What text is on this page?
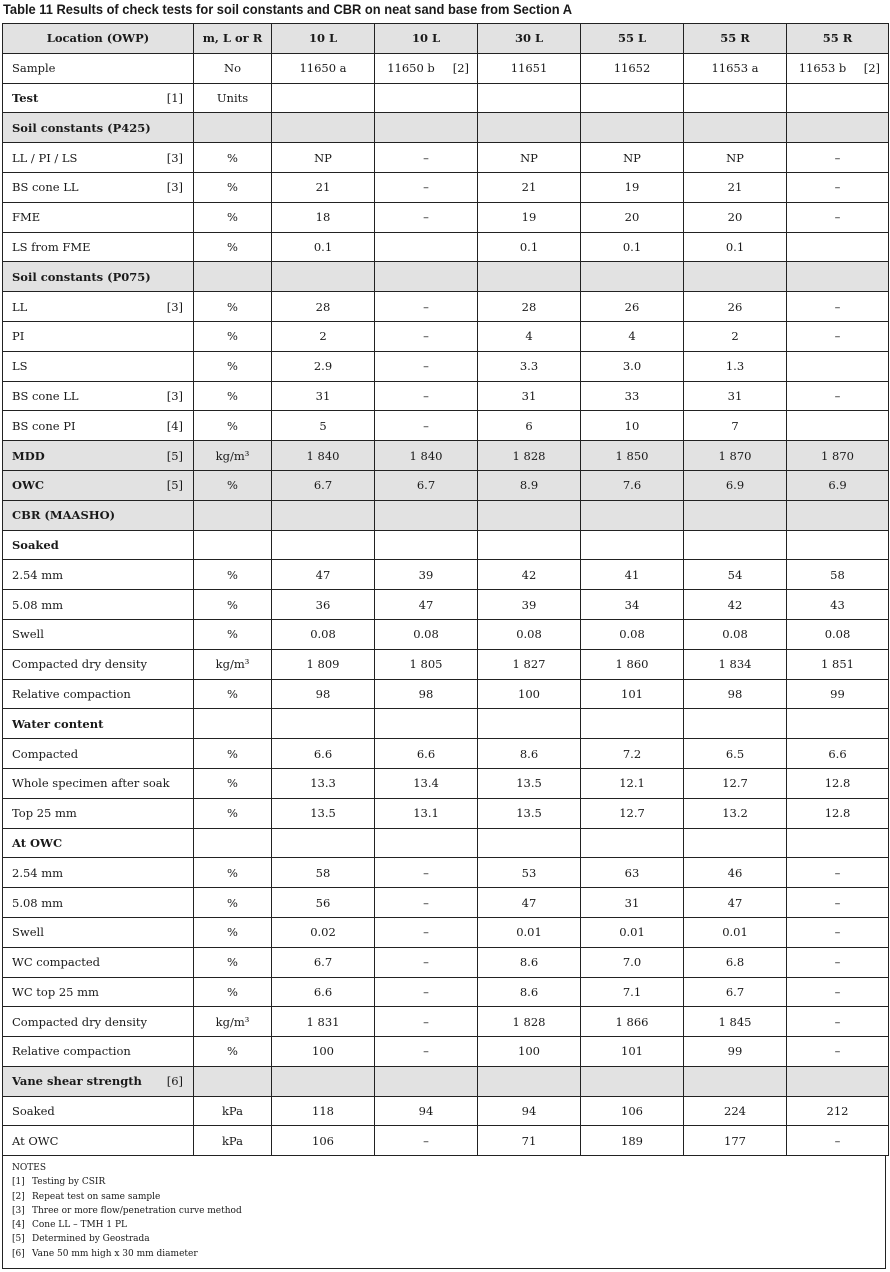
Table 11 Results of check tests for soil constants and CBR on neat sand base from Section A
Location (OWP)	m, L or R	10 L	10 L	30 L	55 L	55 R	55 R
Sample	No	11650 a	11650 b [2]	11651	11652	11653 a	11653 b [2]

Test [1]	Units						
Soil constants (P425)							
LL / PI / LS [3]	%	NP	–	NP	NP	NP	–
BS cone LL [3]	%	21	–	21	19	21	–
FME	%	18	–	19	20	20	–
LS from FME	%	0.1		0.1	0.1	0.1	
Soil constants (P075)							
LL [3]	%	28	–	28	26	26	–
PI	%	2	–	4	4	2	–
LS	%	2.9	–	3.3	3.0	1.3	
BS cone LL [3]	%	31	–	31	33	31	–
BS cone PI [4]	%	5	–	6	10	7	
MDD [5]	kg/m³	1 840	1 840	1 828	1 850	1 870	1 870
OWC [5]	%	6.7	6.7	8.9	7.6	6.9	6.9
CBR (MAASHO)							
Soaked							
2.54 mm	%	47	39	42	41	54	58
5.08 mm	%	36	47	39	34	42	43
Swell	%	0.08	0.08	0.08	0.08	0.08	0.08
Compacted dry density	kg/m³	1 809	1 805	1 827	1 860	1 834	1 851
Relative compaction	%	98	98	100	101	98	99
Water content							
Compacted	%	6.6	6.6	8.6	7.2	6.5	6.6
Whole specimen after soak	%	13.3	13.4	13.5	12.1	12.7	12.8
Top 25 mm	%	13.5	13.1	13.5	12.7	13.2	12.8
At OWC							
2.54 mm	%	58	–	53	63	46	–
5.08 mm	%	56	–	47	31	47	–
Swell	%	0.02	–	0.01	0.01	0.01	–
WC compacted	%	6.7	–	8.6	7.0	6.8	–
WC top 25 mm	%	6.6	–	8.6	7.1	6.7	–
Compacted dry density	kg/m³	1 831	–	1 828	1 866	1 845	–
Relative compaction	%	100	–	100	101	99	–
Vane shear strength [6]							

Soaked	kPa	118	94	94	106	224	212
At OWC	kPa	106	–	71	189	177	–
NOTES
[1] Testing by CSIR
[2] Repeat test on same sample
[3] Three or more flow/penetration curve method
[4] Cone LL – TMH 1 PL
[5] Determined by Geostrada
[6] Vane 50 mm high x 30 mm diameter
